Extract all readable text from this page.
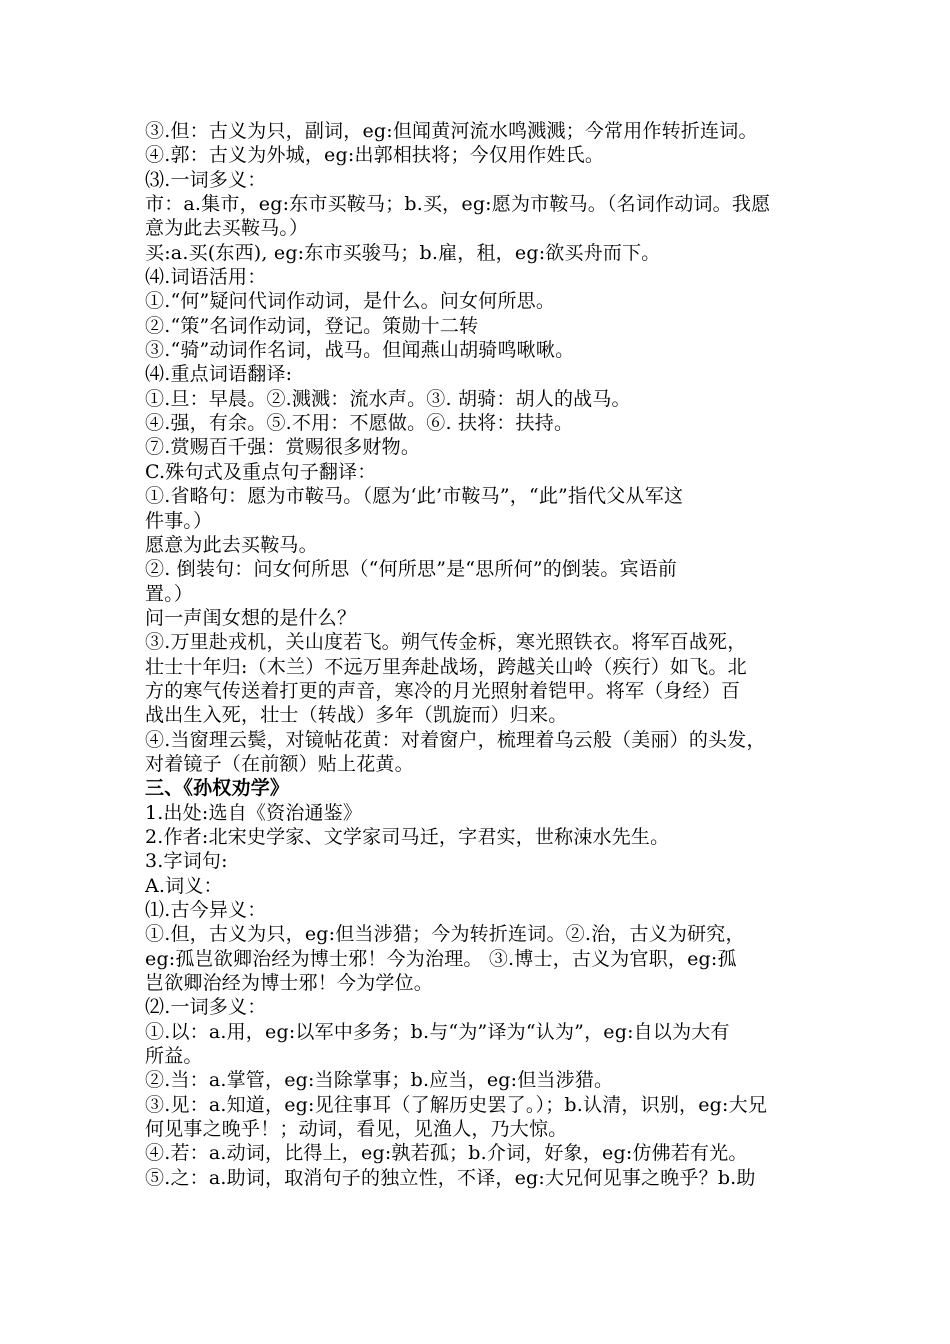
③.但：古义为只，副词，eg:但闻黄河流水鸣溅溅；今常用作转折连词。
④.郭：古义为外城，eg:出郭相扶将；今仅用作姓氏。
⑶.一词多义：
市：a.集市，eg:东市买鞍马；b.买，eg:愿为市鞍马。（名词作动词。我愿
意为此去买鞍马。）
买:a.买(东西), eg:东市买骏马；b.雇，租，eg:欲买舟而下。
⑷.词语活用：
①.“何”疑问代词作动词，是什么。问女何所思。
②.“策”名词作动词，登记。策勋十二转
③.“骑”动词作名词，战马。但闻燕山胡骑鸣啾啾。
⑷.重点词语翻译:
①.旦：早晨。②.溅溅：流水声。③. 胡骑：胡人的战马。
④.强，有余。⑤.不用：不愿做。⑥. 扶将：扶持。
⑦.赏赐百千强：赏赐很多财物。
C.殊句式及重点句子翻译：
①.省略句：愿为市鞍马。（愿为‘此’市鞍马”，“此”指代父从军这
件事。）
愿意为此去买鞍马。
②. 倒装句：问女何所思（“何所思”是“思所何”的倒装。宾语前
置。）
问一声闺女想的是什么？
③.万里赴戎机，关山度若飞。朔气传金柝，寒光照铁衣。将军百战死，
壮士十年归:（木兰）不远万里奔赴战场，跨越关山岭（疾行）如飞。北
方的寒气传送着打更的声音，寒冷的月光照射着铠甲。将军（身经）百
战出生入死，壮士（转战）多年（凯旋而）归来。
④.当窗理云鬓，对镜帖花黄：对着窗户，梳理着乌云般（美丽）的头发，
对着镜子（在前额）贴上花黄。
三、《孙权劝学》
1.出处:选自《资治通鉴》
2.作者:北宋史学家、文学家司马迁，字君实，世称涑水先生。
3.字词句:
A.词义：
⑴.古今异义：
①.但，古义为只，eg:但当涉猎；今为转折连词。②.治，古义为研究，
eg:孤岂欲卿治经为博士邪！今为治理。 ③.博士，古义为官职，eg:孤
岂欲卿治经为博士邪！今为学位。
⑵.一词多义：
①.以：a.用，eg:以军中多务；b.与“为”译为“认为”，eg:自以为大有
所益。
②.当：a.掌管，eg:当除掌事；b.应当，eg:但当涉猎。
③.见：a.知道，eg:见往事耳（了解历史罢了。）；b.认清，识别，eg:大兄
何见事之晚乎！；动词，看见，见渔人，乃大惊。
④.若：a.动词，比得上，eg:孰若孤；b.介词，好象，eg:仿佛若有光。
⑤.之：a.助词，取消句子的独立性，不译，eg:大兄何见事之晚乎？b.助
